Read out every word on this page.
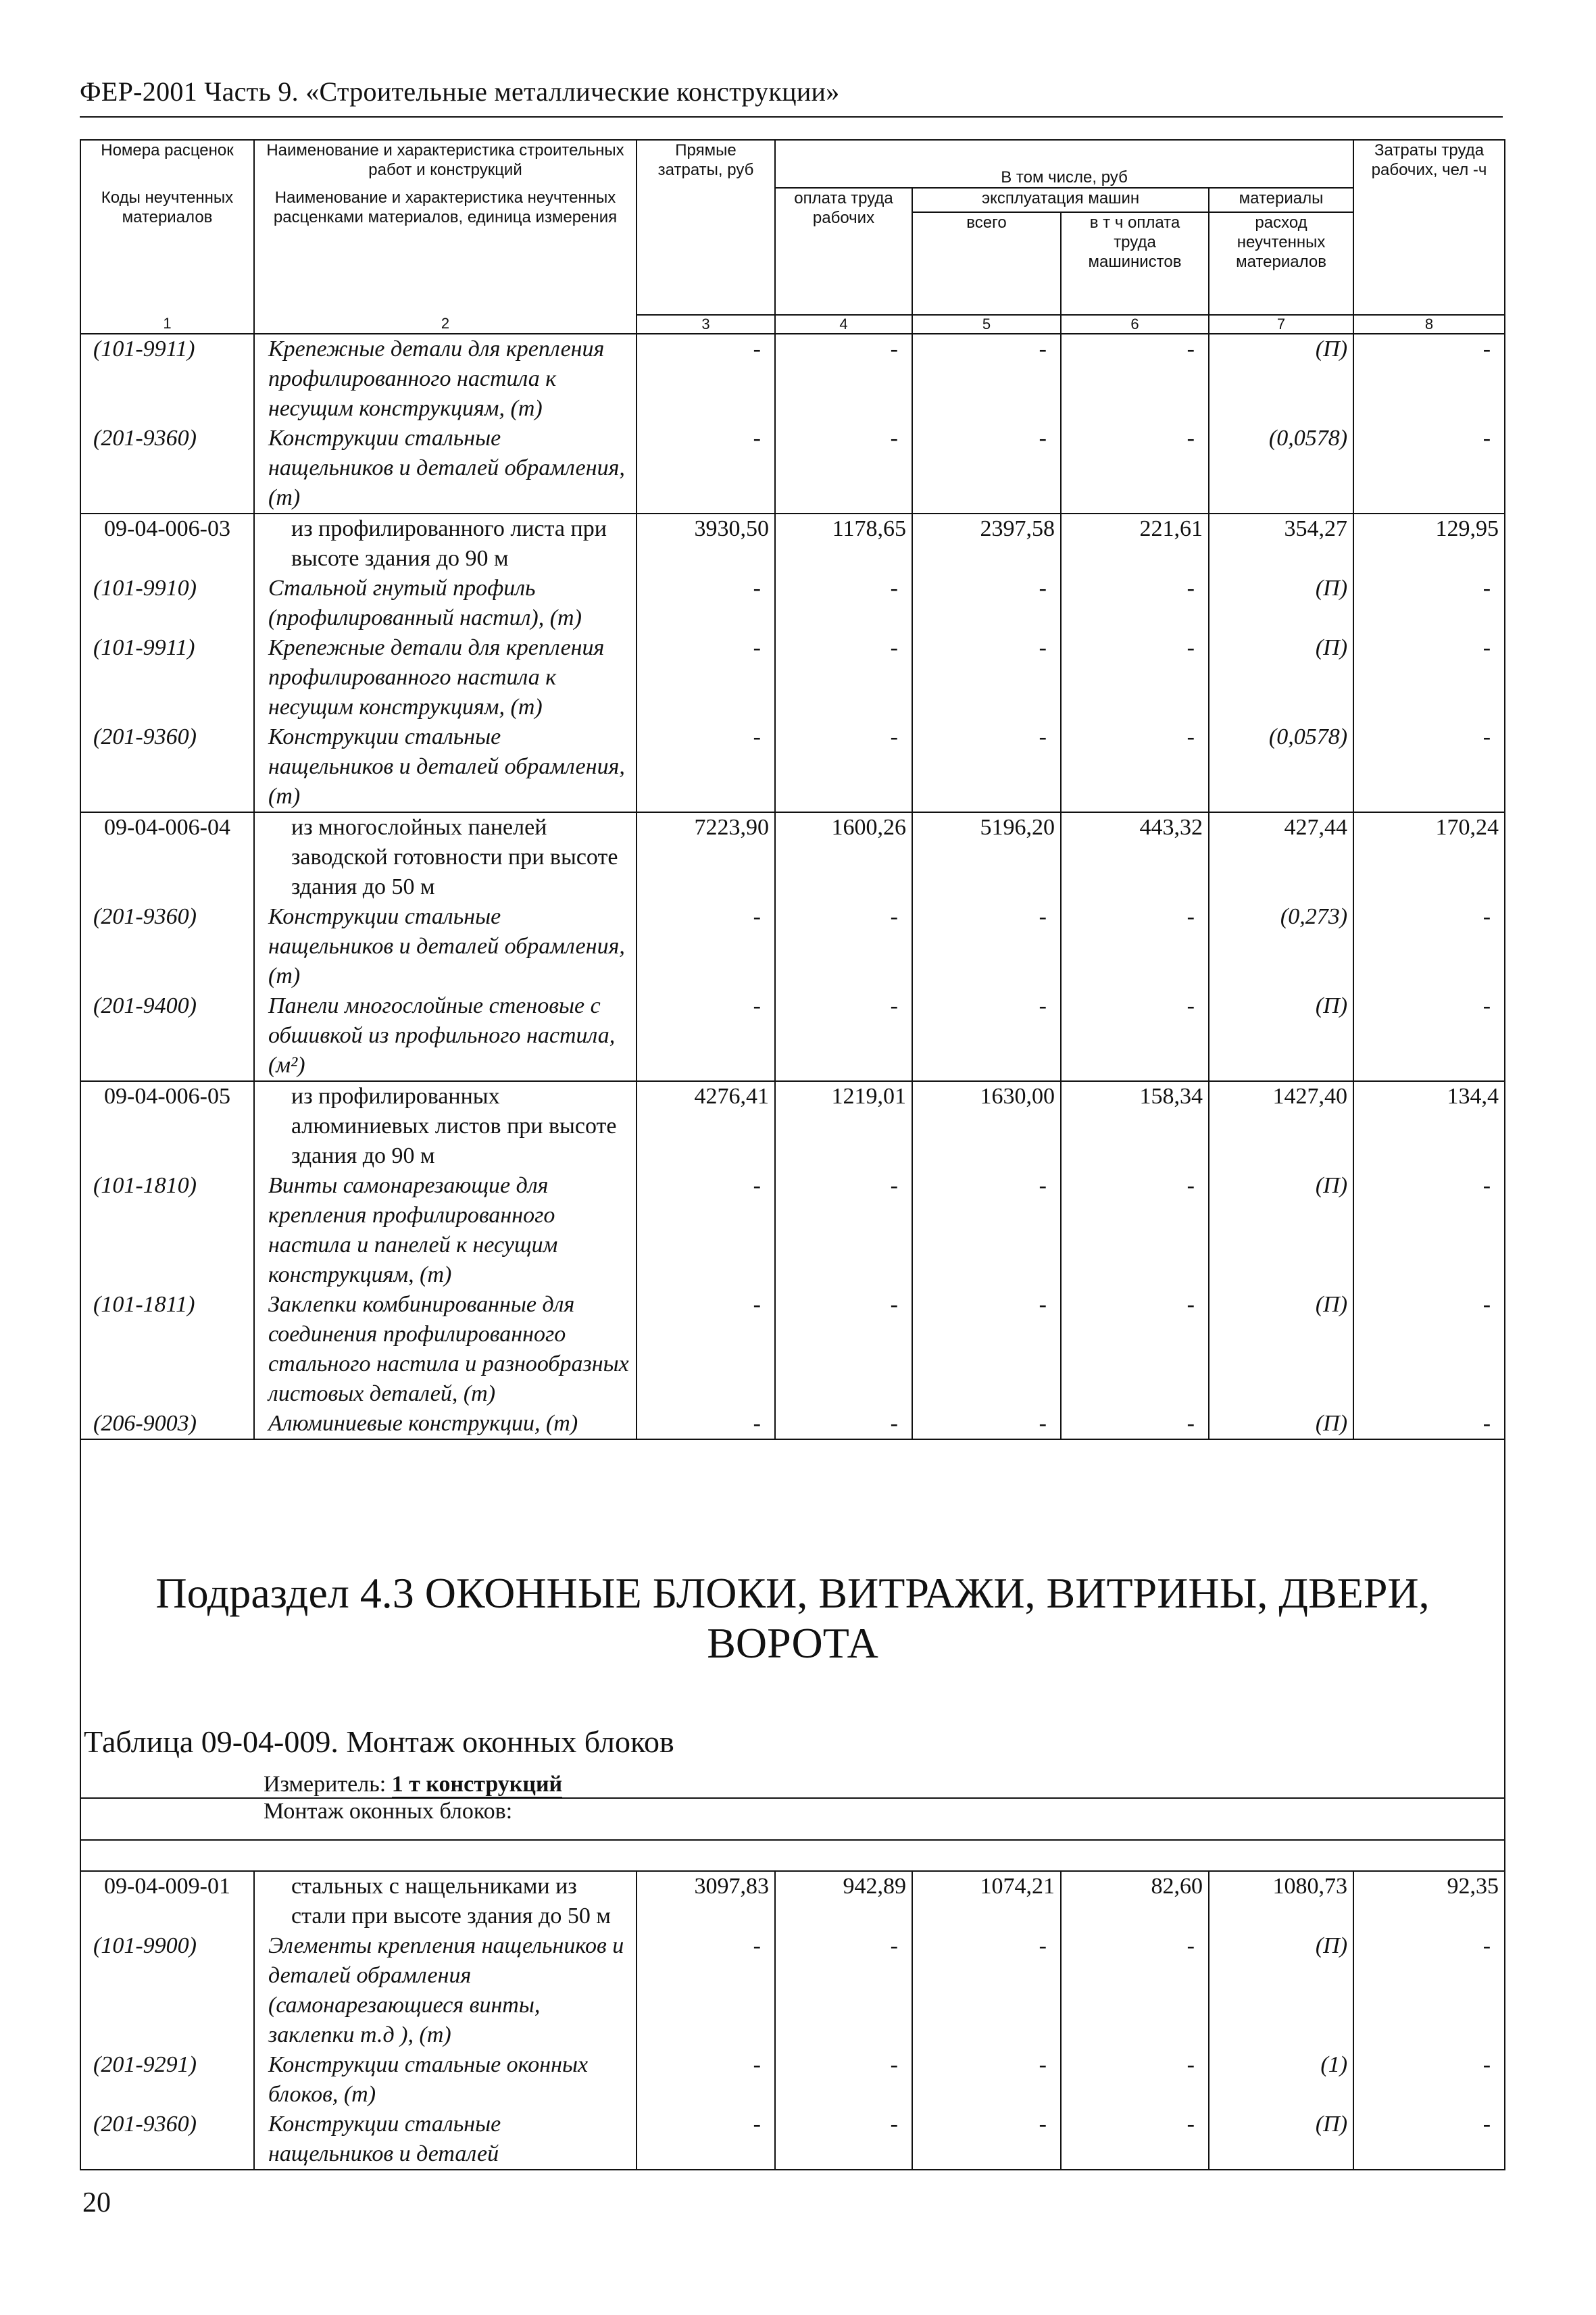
ФЕР-2001 Часть 9. «Строительные металлические конструкции»
Номера расценок	Наименование и характеристика строительных работ и конструкций	Прямые затраты, руб	В том числе, руб				Затраты труда рабочих, чел -ч
Коды неучтенных материалов	Наименование и характеристика неучтенных расценками материалов, единица измерения		оплата труда рабочих	эксплуатация машин		материалы	
				всего	в т ч оплата труда машинистов	расход неучтенных материалов	
1	2	3	4	5	6	7	8
(101-9911)	Крепежные детали для крепления профилированного настила к несущим конструкциям, (т)	-	-	-	-	(П)	-
(201-9360)	Конструкции стальные нащельников и деталей обрамления, (т)	-	-	-	-	(0,0578)	-
09-04-006-03	из профилированного листа при высоте здания до 90 м	3930,50	1178,65	2397,58	221,61	354,27	129,95
(101-9910)	Стальной гнутый профиль (профилированный настил), (т)	-	-	-	-	(П)	-
(101-9911)	Крепежные детали для крепления профилированного настила к несущим конструкциям, (т)	-	-	-	-	(П)	-
(201-9360)	Конструкции стальные нащельников и деталей обрамления, (т)	-	-	-	-	(0,0578)	-
09-04-006-04	из многослойных панелей заводской готовности при высоте здания до 50 м	7223,90	1600,26	5196,20	443,32	427,44	170,24
(201-9360)	Конструкции стальные нащельников и деталей обрамления, (т)	-	-	-	-	(0,273)	-
(201-9400)	Панели многослойные стеновые с обшивкой из профильного настила, (м²)	-	-	-	-	(П)	-
09-04-006-05	из профилированных алюминиевых листов при высоте здания до 90 м	4276,41	1219,01	1630,00	158,34	1427,40	134,4
(101-1810)	Винты самонарезающие для крепления профилированного настила и панелей к несущим конструкциям, (т)	-	-	-	-	(П)	-
(101-1811)	Заклепки комбинированные для соединения профилированного стального настила и разнообразных листовых деталей, (т)	-	-	-	-	(П)	-
(206-9003)	Алюминиевые конструкции, (т)	-	-	-	-	(П)	-
Подраздел 4.3 ОКОННЫЕ БЛОКИ, ВИТРАЖИ, ВИТРИНЫ, ДВЕРИ, ВОРОТА							
Таблица 09-04-009. Монтаж оконных блоков							
Измеритель: 1 т конструкций							
Монтаж оконных блоков:							

09-04-009-01	стальных с нащельниками из стали при высоте здания до 50 м	3097,83	942,89	1074,21	82,60	1080,73	92,35
(101-9900)	Элементы крепления нащельников и деталей обрамления (самонарезающиеся винты, заклепки т.д ), (т)	-	-	-	-	(П)	-
(201-9291)	Конструкции стальные оконных блоков, (т)	-	-	-	-	(1)	-
(201-9360)	Конструкции стальные нащельников и деталей	-	-	-	-	(П)	-
20
